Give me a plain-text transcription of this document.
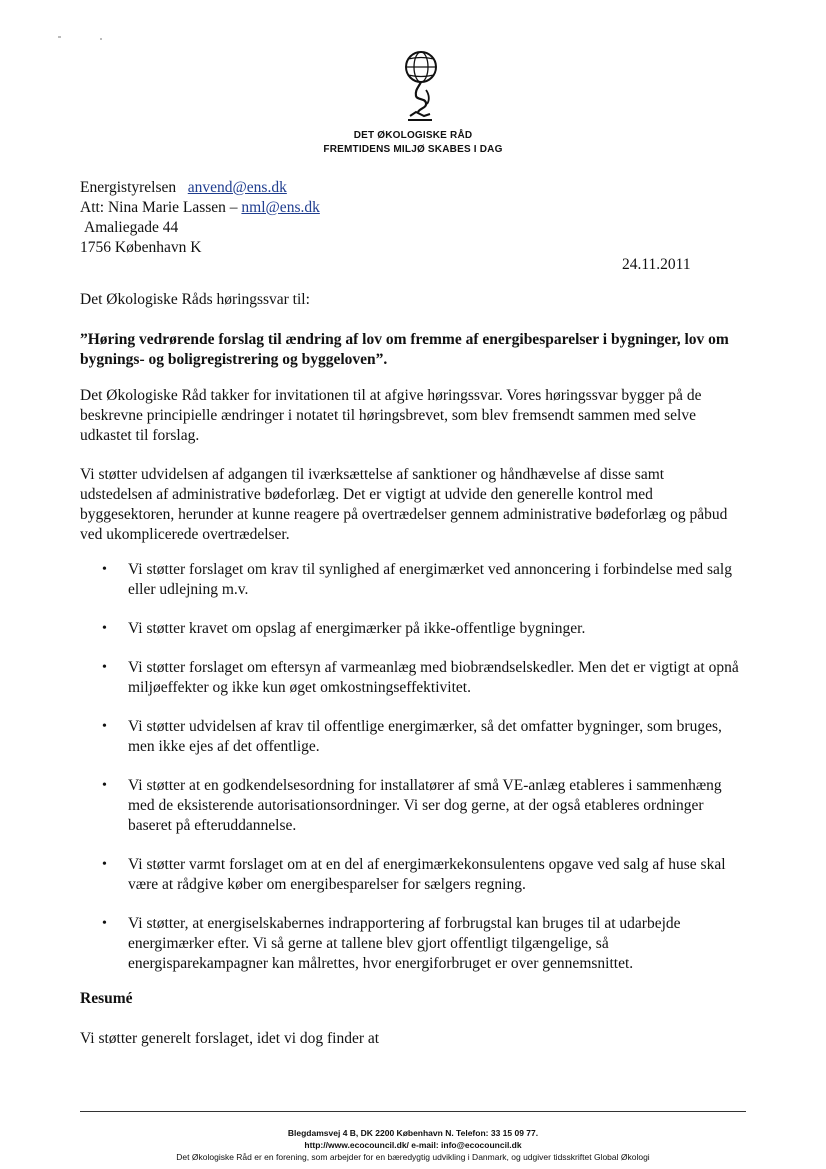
DET ØKOLOGISKE RÅD
FREMTIDENS MILJØ SKABES I DAG
Energistyrelsen anvend@ens.dk
Att: Nina Marie Lassen – nml@ens.dk
Amaliegade 44
1756 København K
24.11.2011
Det Økologiske Råds høringssvar til:
”Høring vedrørende forslag til ændring af lov om fremme af energibesparelser i bygninger, lov om bygnings- og boligregistrering og byggeloven”.
Det Økologiske Råd takker for invitationen til at afgive høringssvar. Vores høringssvar bygger på de beskrevne principielle ændringer i notatet til høringsbrevet, som blev fremsendt sammen med selve udkastet til forslag.
Vi støtter udvidelsen af adgangen til iværksættelse af sanktioner og håndhævelse af disse samt udstedelsen af administrative bødeforlæg. Det er vigtigt at udvide den generelle kontrol med byggesektoren, herunder at kunne reagere på overtrædelser gennem administrative bødeforlæg og påbud ved ukomplicerede overtrædelser.
• Vi støtter forslaget om krav til synlighed af energimærket ved annoncering i forbindelse med salg eller udlejning m.v.
• Vi støtter kravet om opslag af energimærker på ikke-offentlige bygninger.
• Vi støtter forslaget om eftersyn af varmeanlæg med biobrændselskedler. Men det er vigtigt at opnå miljøeffekter og ikke kun øget omkostningseffektivitet.
• Vi støtter udvidelsen af krav til offentlige energimærker, så det omfatter bygninger, som bruges, men ikke ejes af det offentlige.
• Vi støtter at en godkendelsesordning for installatører af små VE-anlæg etableres i sammenhæng med de eksisterende autorisationsordninger. Vi ser dog gerne, at der også etableres ordninger baseret på efteruddannelse.
• Vi støtter varmt forslaget om at en del af energimærkekonsulentens opgave ved salg af huse skal være at rådgive køber om energibesparelser for sælgers regning.
• Vi støtter, at energiselskabernes indrapportering af forbrugstal kan bruges til at udarbejde energimærker efter. Vi så gerne at tallene blev gjort offentligt tilgængelige, så energisparekampagner kan målrettes, hvor energiforbruget er over gennemsnittet.
Resumé
Vi støtter generelt forslaget, idet vi dog finder at
Blegdamsvej 4 B, DK 2200 København N. Telefon: 33 15 09 77.
http://www.ecocouncil.dk/ e-mail: info@ecocouncil.dk
Det Økologiske Råd er en forening, som arbejder for en bæredygtig udvikling i Danmark, og udgiver tidsskriftet Global Økologi
